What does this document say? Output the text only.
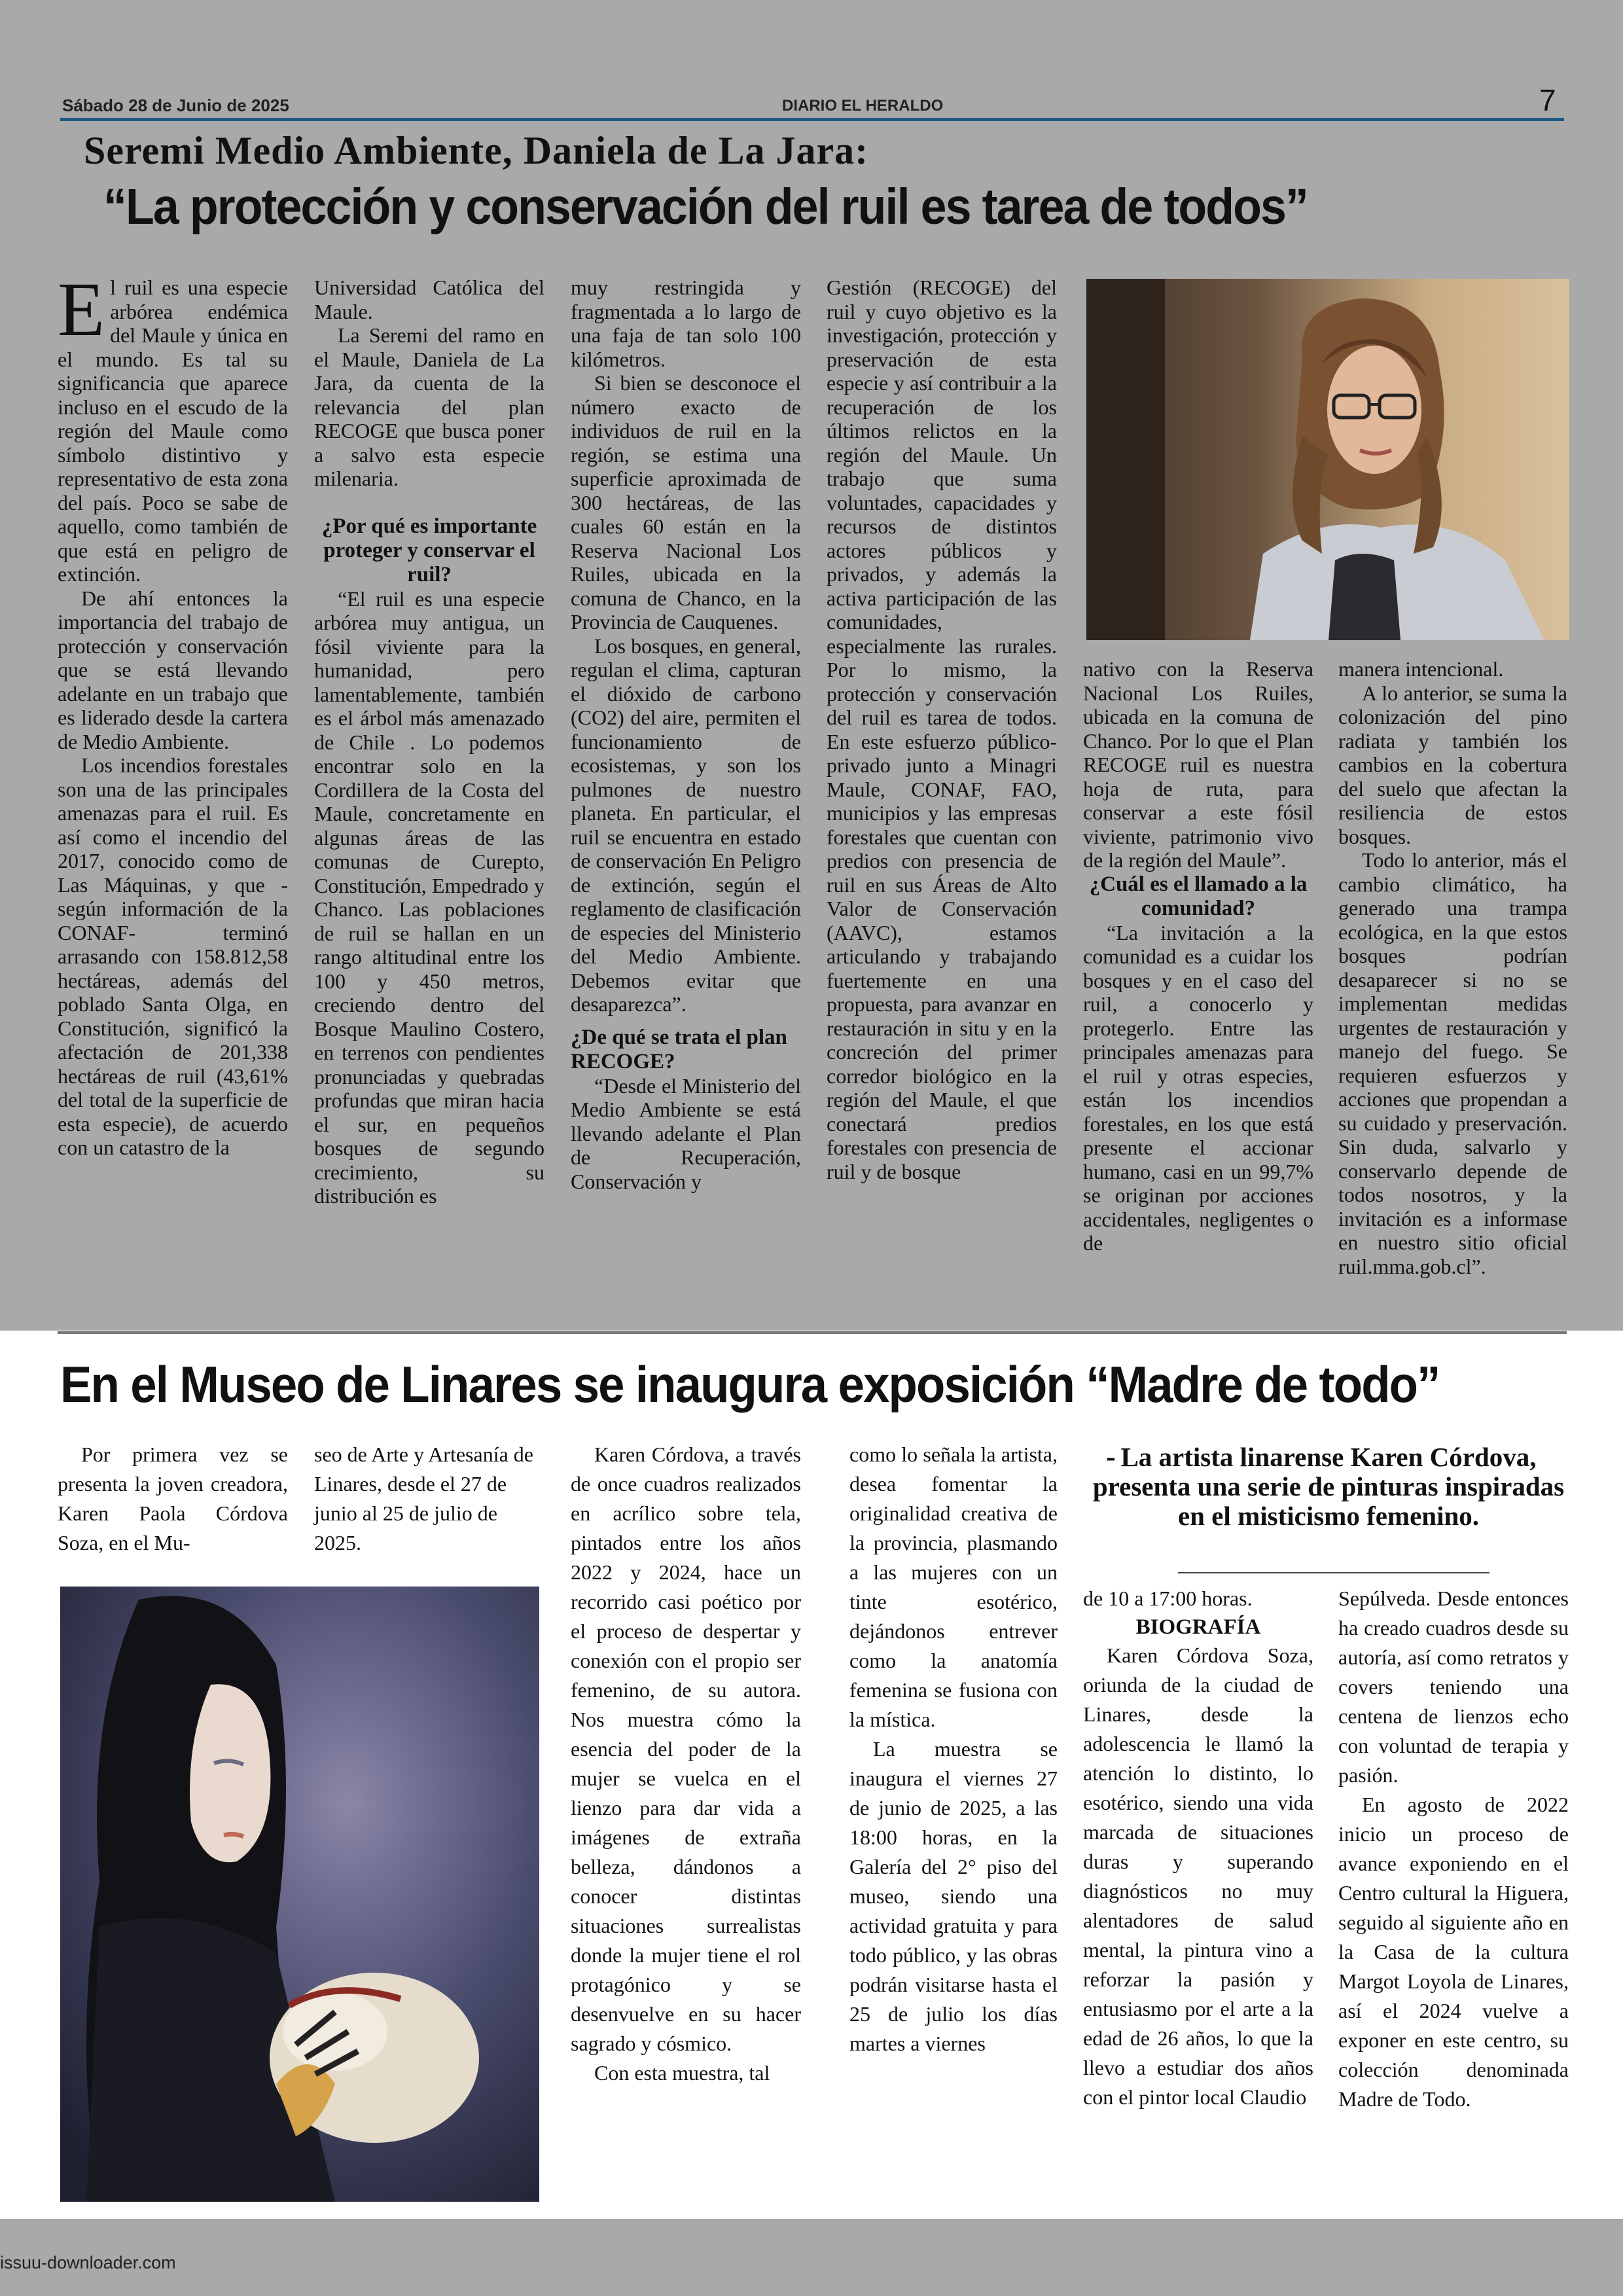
Sábado 28 de Junio de 2025	DIARIO EL HERALDO	7
Seremi Medio Ambiente, Daniela de La Jara:
“La protección y conservación del ruil es tarea de todos”
E l ruil es una especie arbórea endémica del Maule y única en el mundo. Es tal su significancia que aparece incluso en el escudo de la región del Maule como símbolo distintivo y representativo de esta zona del país. Poco se sabe de aquello, como también de que está en peligro de extinción.

De ahí entonces la importancia del trabajo de protección y conservación que se está llevando adelante en un trabajo que es liderado desde la cartera de Medio Ambiente.

Los incendios forestales son una de las principales amenazas para el ruil. Es así como el incendio del 2017, conocido como de Las Máquinas, y que -según información de la CONAF- terminó arrasando con 158.812,58 hectáreas, además del poblado Santa Olga, en Constitución, significó la afectación de 201,338 hectáreas de ruil (43,61% del total de la superficie de esta especie), de acuerdo con un catastro de la

Universidad Católica del Maule.

La Seremi del ramo en el Maule, Daniela de La Jara, da cuenta de la relevancia del plan RECOGE que busca poner a salvo esta especie milenaria.

¿Por qué es importante proteger y conservar el ruil?

“El ruil es una especie arbórea muy antigua, un fósil viviente para la humanidad, pero lamentablemente, también es el árbol más amenazado de Chile . Lo podemos encontrar solo en la Cordillera de la Costa del Maule, concretamente en algunas áreas de las comunas de Curepto, Constitución, Empedrado y Chanco. Las poblaciones de ruil se hallan en un rango altitudinal entre los 100 y 450 metros, creciendo dentro del Bosque Maulino Costero, en terrenos con pendientes pronunciadas y quebradas profundas que miran hacia el sur, en pequeños bosques de segundo crecimiento, su distribución es

muy restringida y fragmentada a lo largo de una faja de tan solo 100 kilómetros.

Si bien se desconoce el número exacto de individuos de ruil en la región, se estima una superficie aproximada de 300 hectáreas, de las cuales 60 están en la Reserva Nacional Los Ruiles, ubicada en la comuna de Chanco, en la Provincia de Cauquenes.

Los bosques, en general, regulan el clima, capturan el dióxido de carbono (CO2) del aire, permiten el funcionamiento de ecosistemas, y son los pulmones de nuestro planeta. En particular, el ruil se encuentra en estado de conservación En Peligro de extinción, según el reglamento de clasificación de especies del Ministerio del Medio Ambiente. Debemos evitar que desaparezca”.

¿De qué se trata el plan RECOGE?

“Desde el Ministerio del Medio Ambiente se está llevando adelante el Plan de Recuperación, Conservación y

Gestión (RECOGE) del ruil y cuyo objetivo es la investigación, protección y preservación de esta especie y así contribuir a la recuperación de los últimos relictos en la región del Maule. Un trabajo que suma voluntades, capacidades y recursos de distintos actores públicos y privados, y además la activa participación de las comunidades, especialmente las rurales. Por lo mismo, la protección y conservación del ruil es tarea de todos. En este esfuerzo público-privado junto a Minagri Maule, CONAF, FAO, municipios y las empresas forestales que cuentan con predios con presencia de ruil en sus Áreas de Alto Valor de Conservación (AAVC), estamos articulando y trabajando fuertemente en una propuesta, para avanzar en restauración in situ y en la concreción del primer corredor biológico en la región del Maule, el que conectará predios forestales con presencia de ruil y de bosque

nativo con la Reserva Nacional Los Ruiles, ubicada en la comuna de Chanco. Por lo que el Plan RECOGE ruil es nuestra hoja de ruta, para conservar a este fósil viviente, patrimonio vivo de la región del Maule”.

¿Cuál es el llamado a la comunidad?

“La invitación a la comunidad es a cuidar los bosques y en el caso del ruil, a conocerlo y protegerlo. Entre las principales amenazas para el ruil y otras especies, están los incendios forestales, en los que está presente el accionar humano, casi en un 99,7% se originan por acciones accidentales, negligentes o de

manera intencional.

A lo anterior, se suma la colonización del pino radiata y también los cambios en la cobertura del suelo que afectan la resiliencia de estos bosques.

Todo lo anterior, más el cambio climático, ha generado una trampa ecológica, en la que estos bosques podrían desaparecer si no se implementan medidas urgentes de restauración y manejo del fuego. Se requieren esfuerzos y acciones que propendan a su cuidado y preservación. Sin duda, salvarlo y conservarlo depende de todos nosotros, y la invitación es a informase en nuestro sitio oficial ruil.mma.gob.cl”.

En el Museo de Linares se inaugura exposición “Madre de todo”

Por primera vez se presenta la joven creadora, Karen Paola Córdova Soza, en el Mu-

seo de Arte y Artesanía de Linares, desde el 27 de junio al 25 de julio de 2025.

Karen Córdova, a través de once cuadros realizados en acrílico sobre tela, pintados entre los años 2022 y 2024, hace un recorrido casi poético por el proceso de despertar y conexión con el propio ser femenino, de su autora. Nos muestra cómo la esencia del poder de la mujer se vuelca en el lienzo para dar vida a imágenes de extraña belleza, dándonos a conocer distintas situaciones surrealistas donde la mujer tiene el rol protagónico y se desenvuelve en su hacer sagrado y cósmico.

Con esta muestra, tal

como lo señala la artista, desea fomentar la originalidad creativa de la provincia, plasmando a las mujeres con un tinte esotérico, dejándonos entrever como la anatomía femenina se fusiona con la mística.

La muestra se inaugura el viernes 27 de junio de 2025, a las 18:00 horas, en la Galería del 2° piso del museo, siendo una actividad gratuita y para todo público, y las obras podrán visitarse hasta el 25 de julio los días martes a viernes

- La artista linarense Karen Córdova, presenta una serie de pinturas inspiradas en el misticismo femenino.

de 10 a 17:00 horas.

BIOGRAFÍA

Karen Córdova Soza, oriunda de la ciudad de Linares, desde la adolescencia le llamó la atención lo distinto, lo esotérico, siendo una vida marcada de situaciones duras y superando diagnósticos no muy alentadores de salud mental, la pintura vino a reforzar la pasión y entusiasmo por el arte a la edad de 26 años, lo que la llevo a estudiar dos años con el pintor local Claudio

Sepúlveda. Desde entonces ha creado cuadros desde su autoría, así como retratos y covers teniendo una centena de lienzos echo con voluntad de terapia y pasión.

En agosto de 2022 inicio un proceso de avance exponiendo en el Centro cultural la Higuera, seguido al siguiente año en la Casa de la cultura Margot Loyola de Linares, así el 2024 vuelve a exponer en este centro, su colección denominada Madre de Todo.

issuu-downloader.com
